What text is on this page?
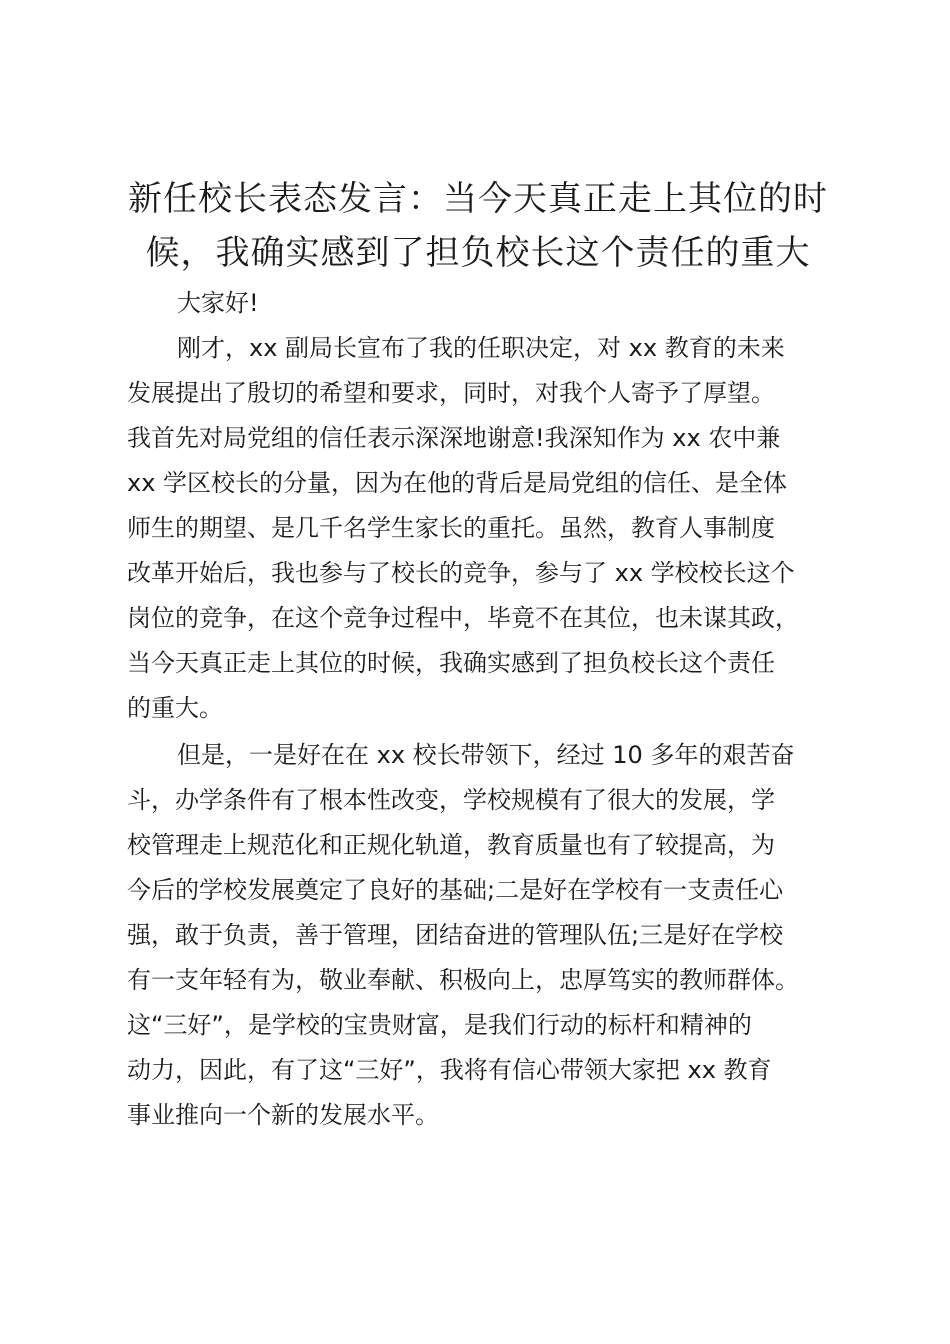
新任校长表态发言：当今天真正走上其位的时
候，我确实感到了担负校长这个责任的重大
大家好!
刚才，xx 副局长宣布了我的任职决定，对 xx 教育的未来
发展提出了殷切的希望和要求，同时，对我个人寄予了厚望。
我首先对局党组的信任表示深深地谢意!我深知作为 xx 农中兼
xx 学区校长的分量，因为在他的背后是局党组的信任、是全体
师生的期望、是几千名学生家长的重托。虽然，教育人事制度
改革开始后，我也参与了校长的竞争，参与了 xx 学校校长这个
岗位的竞争，在这个竞争过程中，毕竟不在其位，也未谋其政，
当今天真正走上其位的时候，我确实感到了担负校长这个责任
的重大。
但是，一是好在在 xx 校长带领下，经过 10 多年的艰苦奋
斗，办学条件有了根本性改变，学校规模有了很大的发展，学
校管理走上规范化和正规化轨道，教育质量也有了较提高，为
今后的学校发展奠定了良好的基础;二是好在学校有一支责任心
强，敢于负责，善于管理，团结奋进的管理队伍;三是好在学校
有一支年轻有为，敬业奉献、积极向上，忠厚笃实的教师群体。
这“三好”，是学校的宝贵财富，是我们行动的标杆和精神的
动力，因此，有了这“三好”，我将有信心带领大家把 xx 教育
事业推向一个新的发展水平。
